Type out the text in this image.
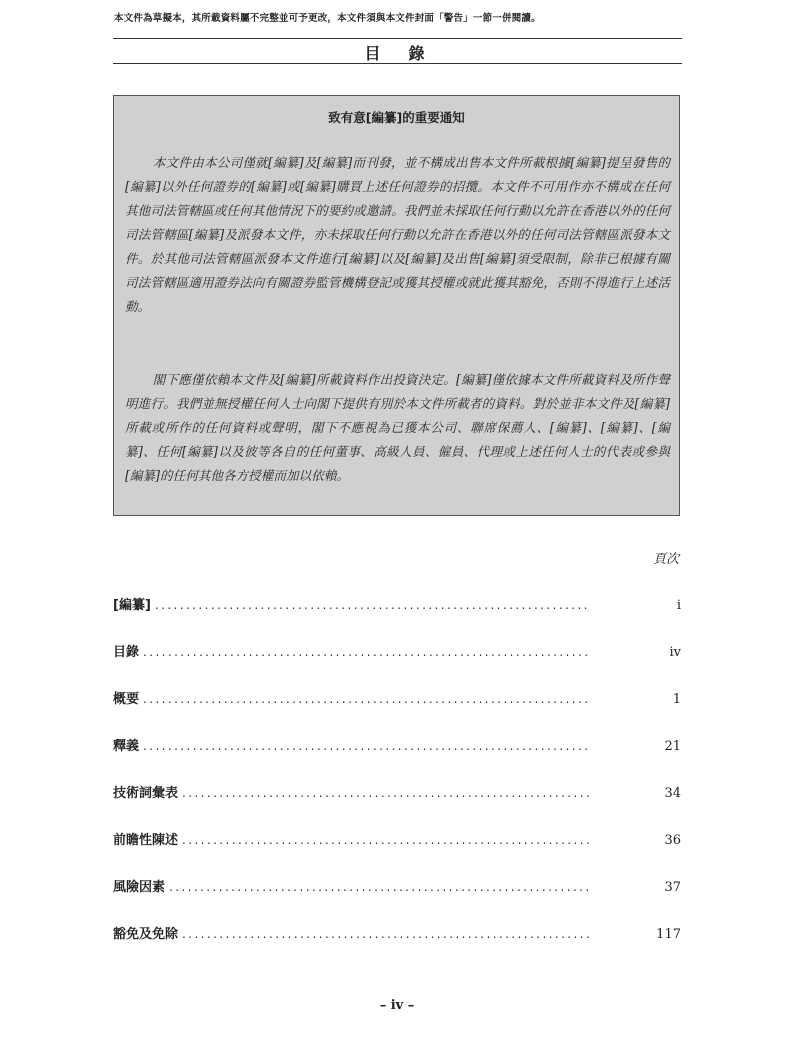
本文件為草擬本，其所載資料屬不完整並可予更改，本文件須與本文件封面「警告」一節一併閱讀。
目　錄
致有意[編纂]的重要通知
本文件由本公司僅就[編纂]及[編纂]而刊發，並不構成出售本文件所載根據[編纂]提呈發售的[編纂]以外任何證券的[編纂]或[編纂]購買上述任何證券的招攬。本文件不可用作亦不構成在任何其他司法管轄區或任何其他情況下的要約或邀請。我們並未採取任何行動以允許在香港以外的任何司法管轄區[編纂]及派發本文件，亦未採取任何行動以允許在香港以外的任何司法管轄區派發本文件。於其他司法管轄區派發本文件進行[編纂]以及[編纂]及出售[編纂]須受限制，除非已根據有關司法管轄區適用證券法向有關證券監管機構登記或獲其授權或就此獲其豁免，否則不得進行上述活動。
閣下應僅依賴本文件及[編纂]所載資料作出投資決定。[編纂]僅依據本文件所載資料及所作聲明進行。我們並無授權任何人士向閣下提供有別於本文件所載者的資料。對於並非本文件及[編纂]所載或所作的任何資料或聲明，閣下不應視為已獲本公司、聯席保薦人、[編纂]、[編纂]、[編纂]、任何[編纂]以及彼等各自的任何董事、高級人員、僱員、代理或上述任何人士的代表或參與[編纂]的任何其他各方授權而加以依賴。
頁次
[編纂] .....	i
目錄 .....	iv
概要 .....	1
釋義 .....	21
技術詞彙表 .....	34
前瞻性陳述 .....	36
風險因素 .....	37
豁免及免除 .....	117
– iv –
